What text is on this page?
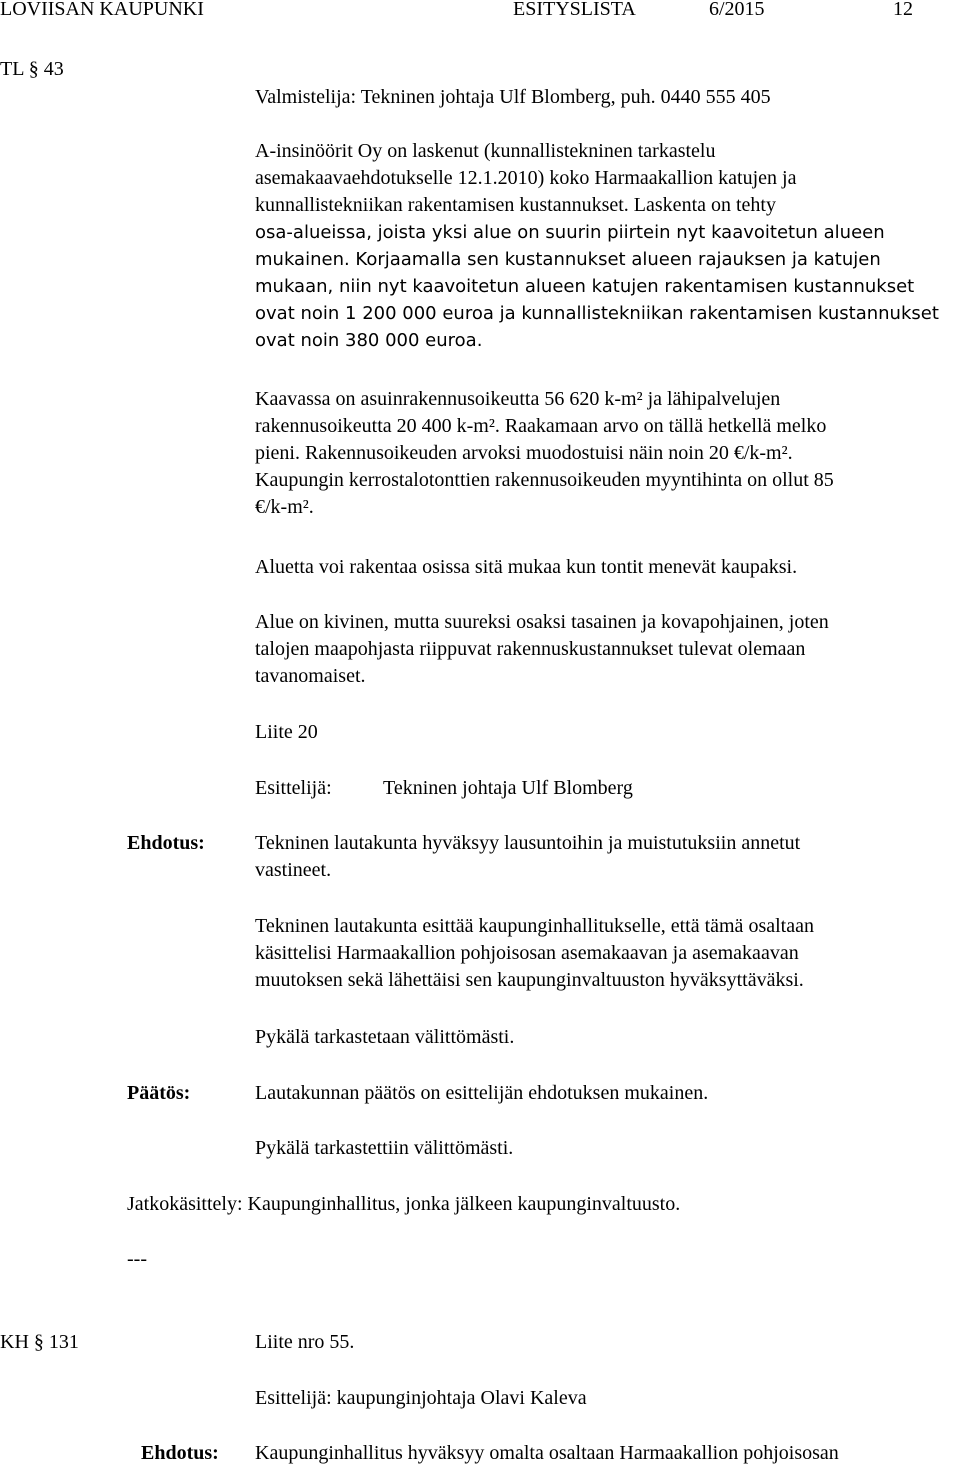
LOVIISAN KAUPUNKI	ESITYSLISTA	6/2015	12
TL § 43
Valmistelija: Tekninen johtaja Ulf Blomberg, puh. 0440 555 405
A-insinöörit Oy on laskenut (kunnallistekninen tarkastelu
asemakaavaehdotukselle 12.1.2010) koko Harmaakallion katujen ja
kunnallistekniikan rakentamisen kustannukset. Laskenta on tehty
osa-alueissa, joista yksi alue on suurin piirtein nyt kaavoitetun alueen
mukainen. Korjaamalla sen kustannukset alueen rajauksen ja katujen
mukaan, niin nyt kaavoitetun alueen katujen rakentamisen kustannukset
ovat noin 1 200 000 euroa ja kunnallistekniikan rakentamisen kustannukset
ovat noin 380 000 euroa.
Kaavassa on asuinrakennusoikeutta 56 620 k-m² ja lähipalvelujen
rakennusoikeutta 20 400 k-m². Raakamaan arvo on tällä hetkellä melko
pieni. Rakennusoikeuden arvoksi muodostuisi näin noin 20 €/k-m².
Kaupungin kerrostalotonttien rakennusoikeuden myyntihinta on ollut 85
€/k-m².
Aluetta voi rakentaa osissa sitä mukaa kun tontit menevät kaupaksi.
Alue on kivinen, mutta suureksi osaksi tasainen ja kovapohjainen, joten
talojen maapohjasta riippuvat rakennuskustannukset tulevat olemaan
tavanomaiset.
Liite 20
Esittelijä:	Tekninen johtaja Ulf Blomberg
Ehdotus:	Tekninen lautakunta hyväksyy lausuntoihin ja muistutuksiin annetut
vastineet.
Tekninen lautakunta esittää kaupunginhallitukselle, että tämä osaltaan
käsittelisi Harmaakallion pohjoisosan asemakaavan ja asemakaavan
muutoksen sekä lähettäisi sen kaupunginvaltuuston hyväksyttäväksi.
Pykälä tarkastetaan välittömästi.
Päätös:	Lautakunnan päätös on esittelijän ehdotuksen mukainen.
Pykälä tarkastettiin välittömästi.
Jatkokäsittely: Kaupunginhallitus, jonka jälkeen kaupunginvaltuusto.
---
KH § 131	Liite nro 55.
Esittelijä: kaupunginjohtaja Olavi Kaleva
Ehdotus: Kaupunginhallitus hyväksyy omalta osaltaan Harmaakallion pohjoisosan
